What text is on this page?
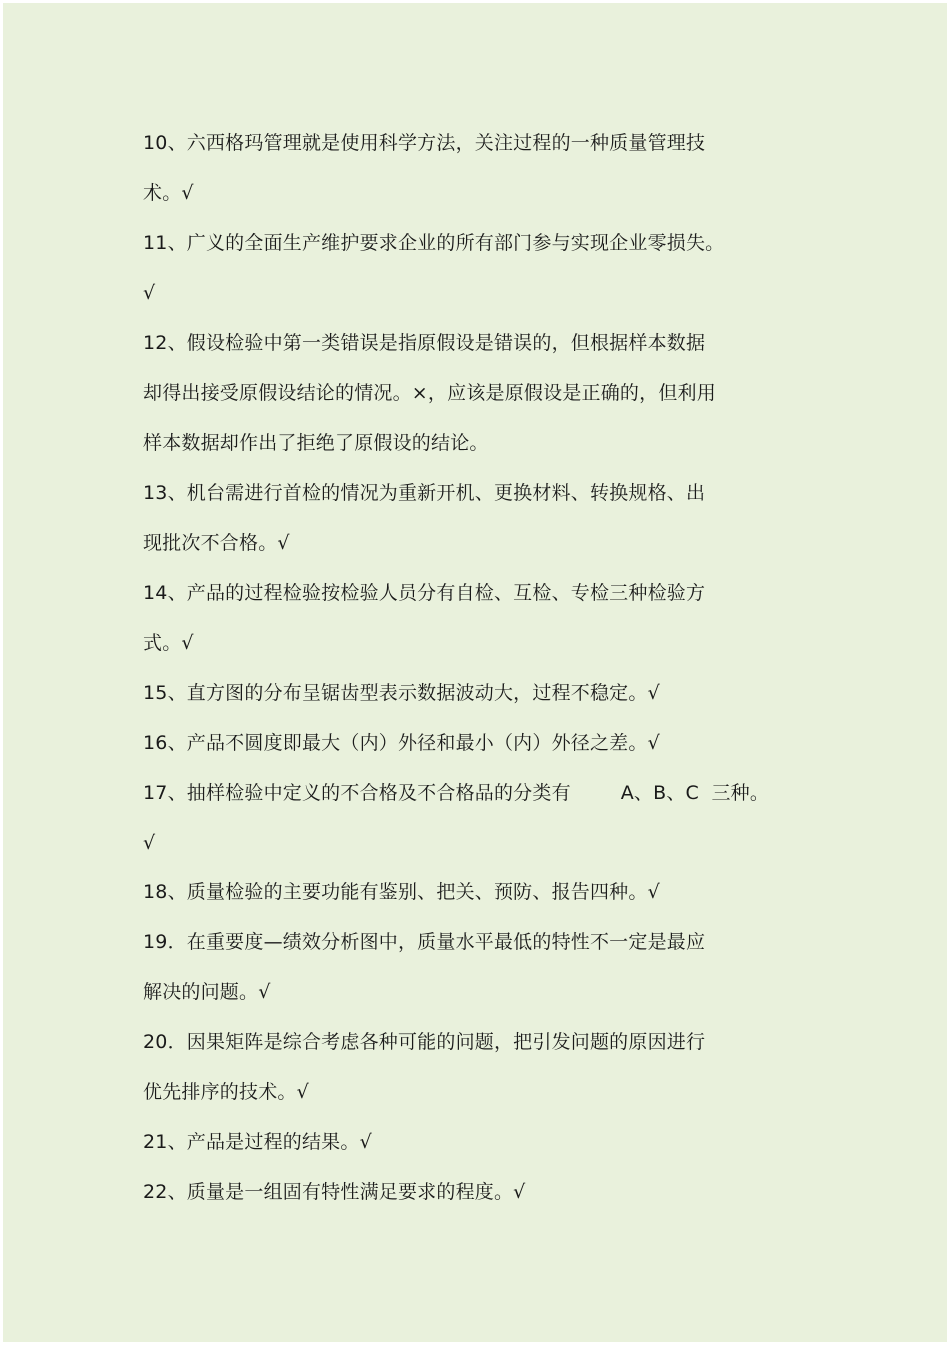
10、六西格玛管理就是使用科学方法，关注过程的一种质量管理技
术。√
11、广义的全面生产维护要求企业的所有部门参与实现企业零损失。
√
12、假设检验中第一类错误是指原假设是错误的，但根据样本数据
却得出接受原假设结论的情况。×，应该是原假设是正确的，但利用
样本数据却作出了拒绝了原假设的结论。
13、机台需进行首检的情况为重新开机、更换材料、转换规格、出
现批次不合格。√
14、产品的过程检验按检验人员分有自检、互检、专检三种检验方
式。√
15、直方图的分布呈锯齿型表示数据波动大，过程不稳定。√
16、产品不圆度即最大（内）外径和最小（内）外径之差。√
17、抽样检验中定义的不合格及不合格品的分类有        A、B、C  三种。
√
18、质量检验的主要功能有鉴别、把关、预防、报告四种。√
19．在重要度—绩效分析图中，质量水平最低的特性不一定是最应
解决的问题。√
20．因果矩阵是综合考虑各种可能的问题，把引发问题的原因进行
优先排序的技术。√
21、产品是过程的结果。√
22、质量是一组固有特性满足要求的程度。√
